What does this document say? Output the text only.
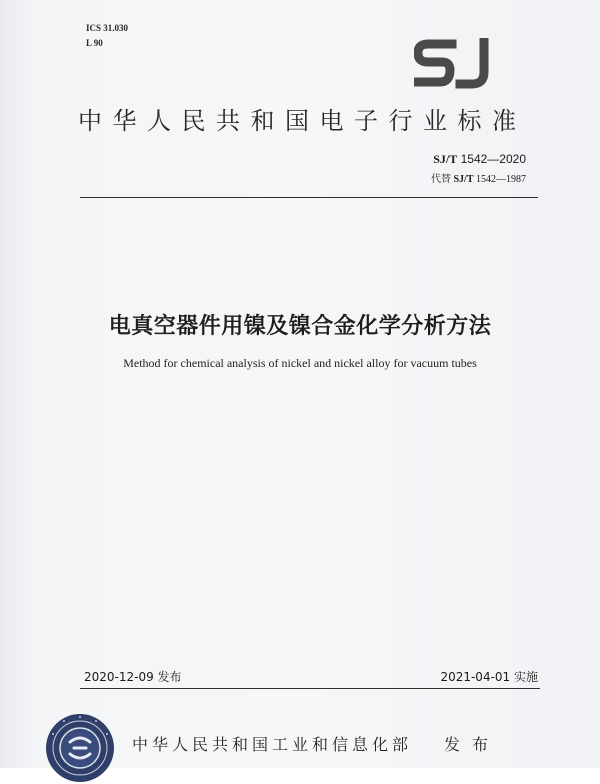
ICS 31.030
L 90
中华人民共和国电子行业标准
SJ/T 1542—2020
代替 SJ/T 1542—1987
电真空器件用镍及镍合金化学分析方法
Method for chemical analysis of nickel and nickel alloy for vacuum tubes
2020-12-09 发布	2021-04-01 实施
中华人民共和国工业和信息化部 发布
